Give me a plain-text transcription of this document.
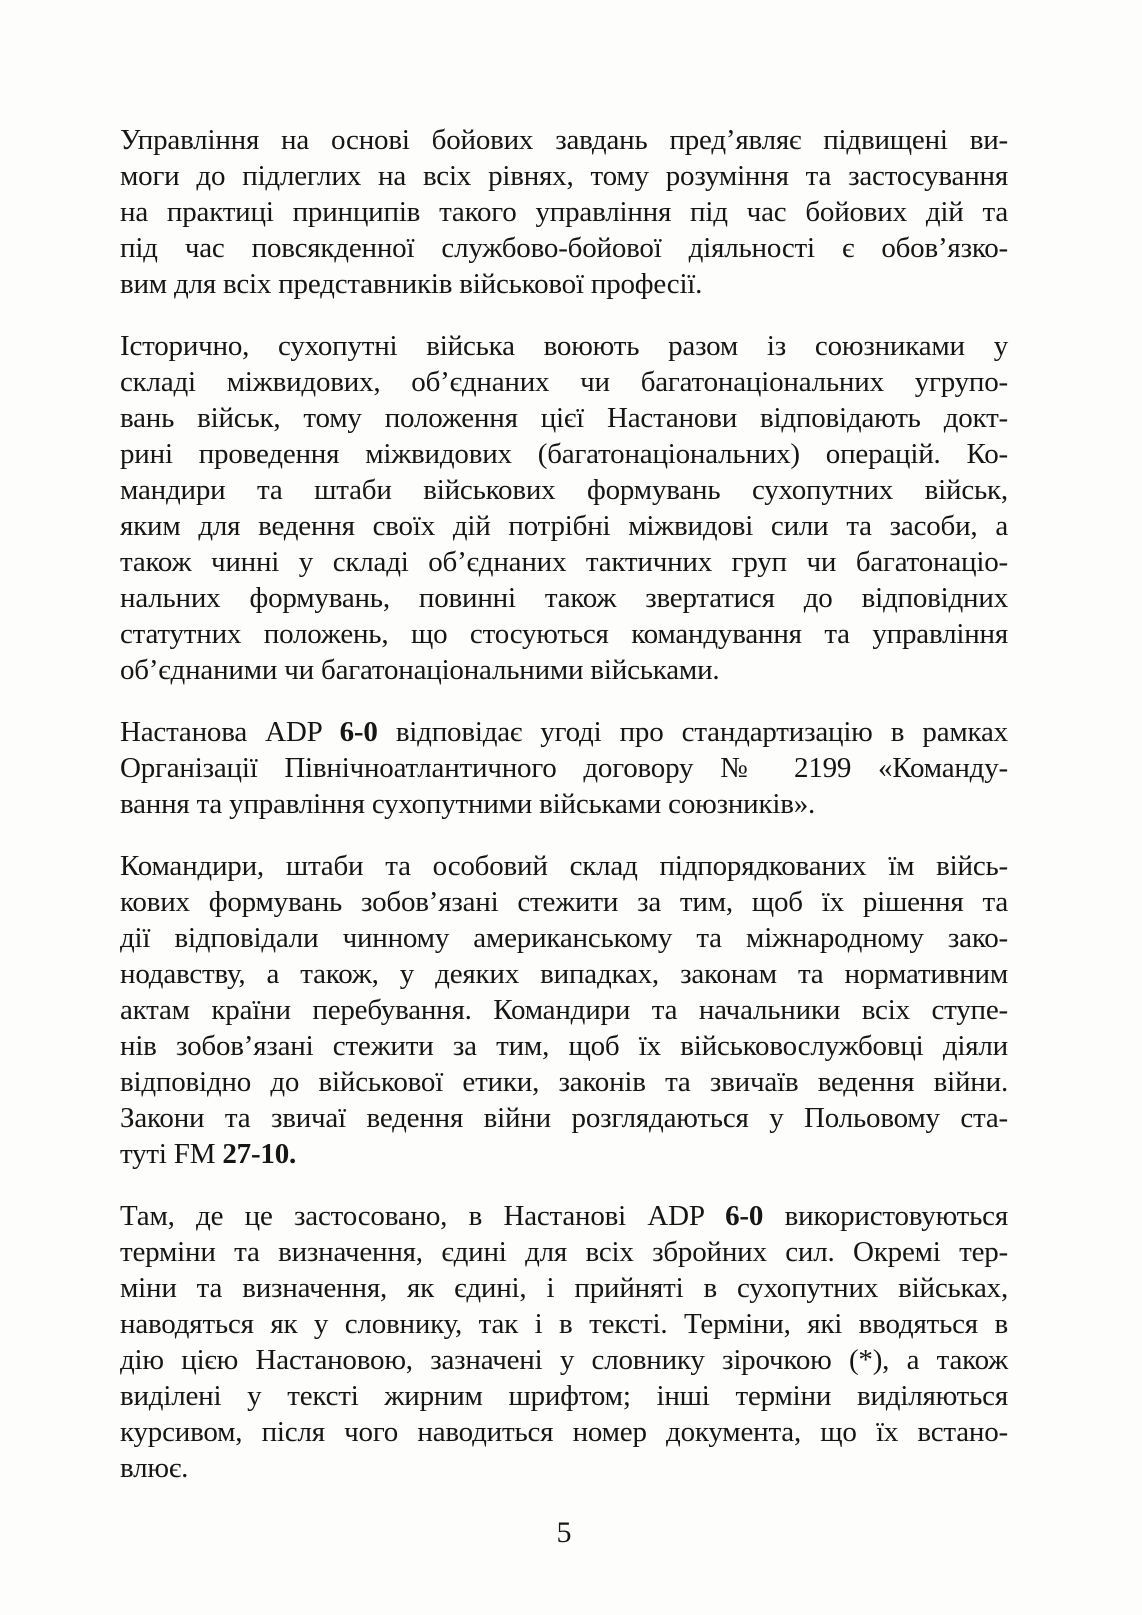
Управління на основі бойових завдань пред’являє підвищені ви-
моги до підлеглих на всіх рівнях, тому розуміння та застосування
на практиці принципів такого управління під час бойових дій та
під час повсякденної службово-бойової діяльності є обов’язко-
вим для всіх представників військової професії.
Історично, сухопутні війська воюють разом із союзниками у
складі міжвидових, об’єднаних чи багатонаціональних угрупо-
вань військ, тому положення цієї Настанови відповідають докт-
рині проведення міжвидових (багатонаціональних) операцій. Ко-
мандири та штаби військових формувань сухопутних військ,
яким для ведення своїх дій потрібні міжвидові сили та засоби, а
також чинні у складі об’єднаних тактичних груп чи багатонаціо-
нальних формувань, повинні також звертатися до відповідних
статутних положень, що стосуються командування та управління
об’єднаними чи багатонаціональними військами.
Настанова ADP 6-0 відповідає угоді про стандартизацію в рамках
Організації Північноатлантичного договору № 2199 «Команду-
вання та управління сухопутними військами союзників».
Командири, штаби та особовий склад підпорядкованих їм війсь-
кових формувань зобов’язані стежити за тим, щоб їх рішення та
дії відповідали чинному американському та міжнародному зако-
нодавству, а також, у деяких випадках, законам та нормативним
актам країни перебування. Командири та начальники всіх ступе-
нів зобов’язані стежити за тим, щоб їх військовослужбовці діяли
відповідно до військової етики, законів та звичаїв ведення війни.
Закони та звичаї ведення війни розглядаються у Польовому ста-
туті FM 27-10.
Там, де це застосовано, в Настанові ADP 6-0 використовуються
терміни та визначення, єдині для всіх збройних сил. Окремі тер-
міни та визначення, як єдині, і прийняті в сухопутних військах,
наводяться як у словнику, так і в тексті. Терміни, які вводяться в
дію цією Настановою, зазначені у словнику зірочкою (*), а також
виділені у тексті жирним шрифтом; інші терміни виділяються
курсивом, після чого наводиться номер документа, що їх встано-
влює.
5
